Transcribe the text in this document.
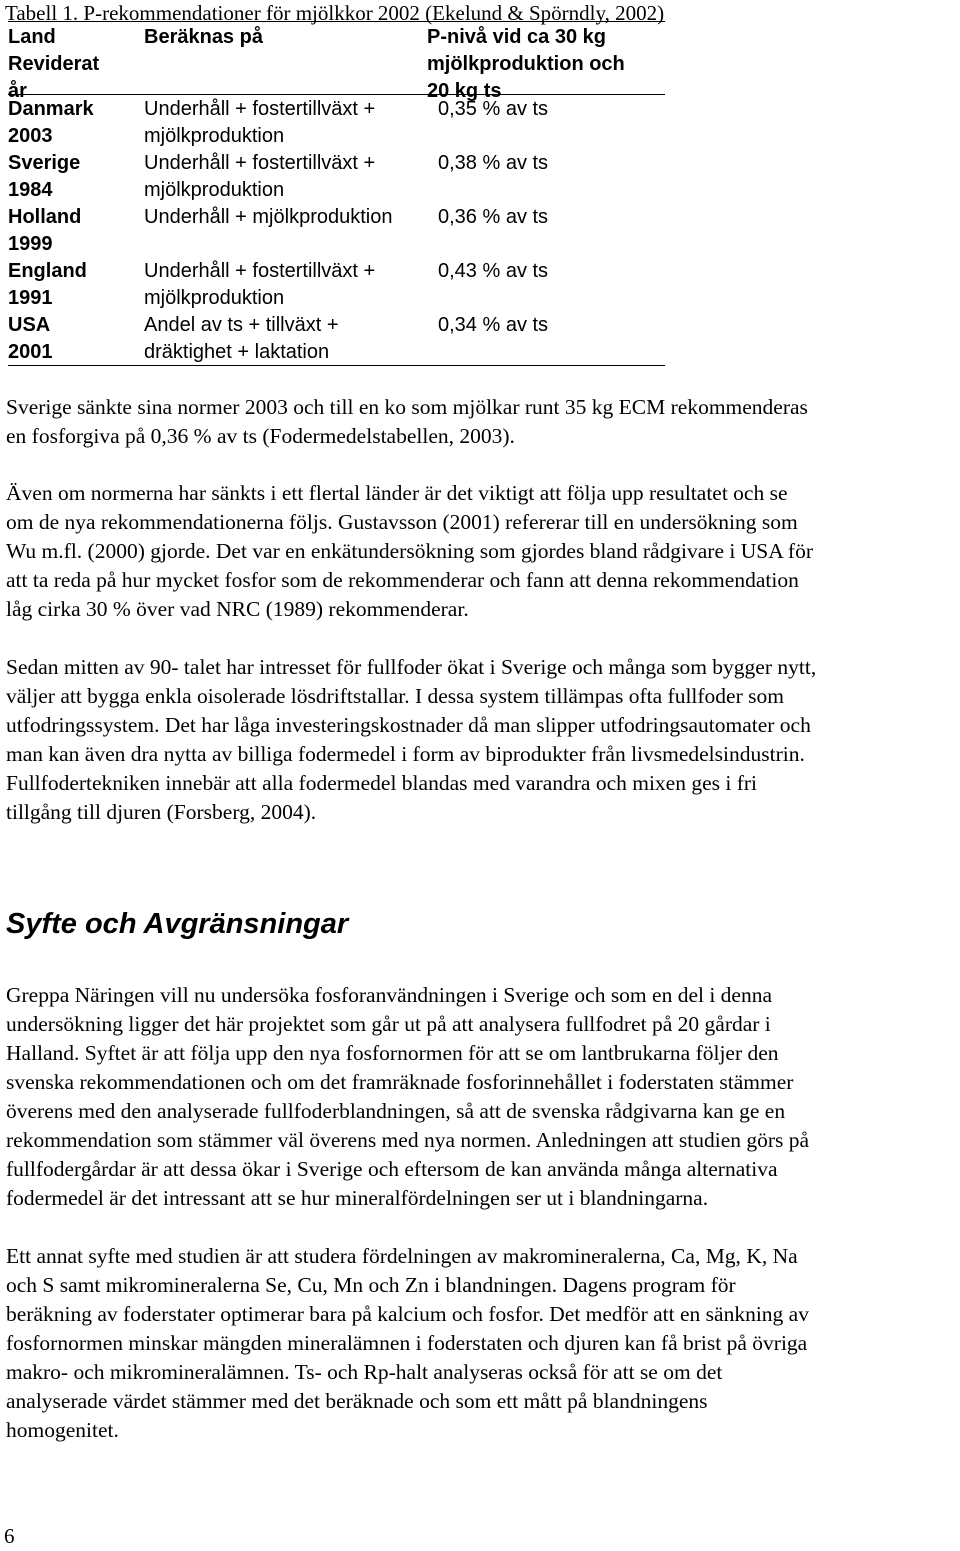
Tabell 1. P-rekommendationer för mjölkkor 2002 (Ekelund & Spörndly, 2002)
Land
Reviderat
år
Beräknas på	P-nivå vid ca 30 kg
mjölkproduktion och
20 kg ts
Danmark
2003
Underhåll + fostertillväxt +
mjölkproduktion
0,35 % av ts
Sverige
1984
Underhåll + fostertillväxt +
mjölkproduktion
0,38 % av ts
Holland
1999
Underhåll + mjölkproduktion	0,36 % av ts
England
1991
Underhåll + fostertillväxt +
mjölkproduktion
0,43 % av ts
USA
2001
Andel av ts + tillväxt +
dräktighet + laktation
0,34 % av ts

Sverige sänkte sina normer 2003 och till en ko som mjölkar runt 35 kg ECM rekommenderas
en fosforgiva på 0,36 % av ts (Fodermedelstabellen, 2003).

Även om normerna har sänkts i ett flertal länder är det viktigt att följa upp resultatet och se
om de nya rekommendationerna följs. Gustavsson (2001) refererar till en undersökning som
Wu m.fl. (2000) gjorde. Det var en enkätundersökning som gjordes bland rådgivare i USA för
att ta reda på hur mycket fosfor som de rekommenderar och fann att denna rekommendation
låg cirka 30 % över vad NRC (1989) rekommenderar.

Sedan mitten av 90- talet har intresset för fullfoder ökat i Sverige och många som bygger nytt,
väljer att bygga enkla oisolerade lösdriftstallar. I dessa system tillämpas ofta fullfoder som
utfodringssystem. Det har låga investeringskostnader då man slipper utfodringsautomater och
man kan även dra nytta av billiga fodermedel i form av biprodukter från livsmedelsindustrin.
Fullfodertekniken innebär att alla fodermedel blandas med varandra och mixen ges i fri
tillgång till djuren (Forsberg, 2004).

Syfte och Avgränsningar

Greppa Näringen vill nu undersöka fosforanvändningen i Sverige och som en del i denna
undersökning ligger det här projektet som går ut på att analysera fullfodret på 20 gårdar i
Halland. Syftet är att följa upp den nya fosfornormen för att se om lantbrukarna följer den
svenska rekommendationen och om det framräknade fosforinnehållet i foderstaten stämmer
överens med den analyserade fullfoderblandningen, så att de svenska rådgivarna kan ge en
rekommendation som stämmer väl överens med nya normen. Anledningen att studien görs på
fullfodergårdar är att dessa ökar i Sverige och eftersom de kan använda många alternativa
fodermedel är det intressant att se hur mineralfördelningen ser ut i blandningarna.

Ett annat syfte med studien är att studera fördelningen av makromineralerna, Ca, Mg, K, Na
och S samt mikromineralerna Se, Cu, Mn och Zn i blandningen. Dagens program för
beräkning av foderstater optimerar bara på kalcium och fosfor. Det medför att en sänkning av
fosfornormen minskar mängden mineralämnen i foderstaten och djuren kan få brist på övriga
makro- och mikromineralämnen. Ts- och Rp-halt analyseras också för att se om det
analyserade värdet stämmer med det beräknade och som ett mått på blandningens
homogenitet.

6
